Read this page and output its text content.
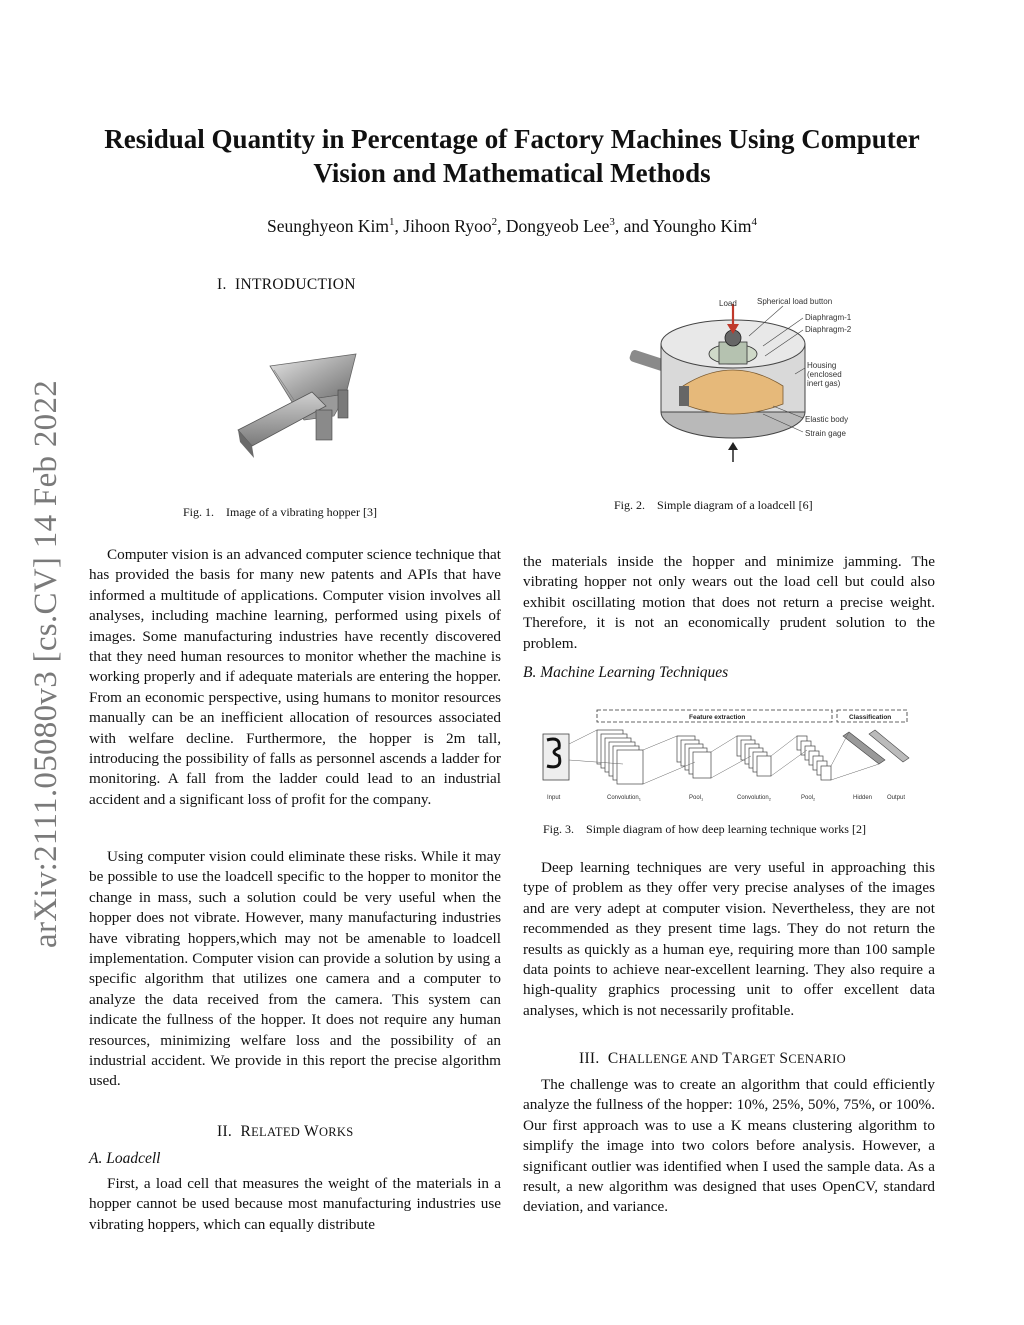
arXiv:2111.05080v3 [cs.CV] 14 Feb 2022
Residual Quantity in Percentage of Factory Machines Using Computer
Vision and Mathematical Methods
Seunghyeon Kim$^1$, Jihoon Ryoo$^2$, Dongyeob Lee$^3$, and Youngho Kim$^4$
I. INTRODUCTION
Fig. 1. Image of a vibrating hopper [3]

Computer vision is an advanced computer science technique that has provided the basis for many new patents and APIs that have informed a multitude of applications. Computer vision involves all analyses, including machine learning, performed using pixels of images. Some manufacturing industries have recently discovered that they need human resources to monitor whether the machine is working properly and if adequate materials are entering the hopper. From an economic perspective, using humans to monitor resources manually can be an inefficient allocation of resources associated with welfare decline. Furthermore, the hopper is 2m tall, introducing the possibility of falls as personnel ascends a ladder for monitoring. A fall from the ladder could lead to an industrial accident and a significant loss of profit for the company.

Using computer vision could eliminate these risks. While it may be possible to use the loadcell specific to the hopper to monitor the change in mass, such a solution could be very useful when the hopper does not vibrate. However, many manufacturing industries have vibrating hoppers,which may not be amenable to loadcell implementation. Computer vision can provide a solution by using a specific algorithm that utilizes one camera and a computer to analyze the data received from the camera. This system can indicate the fullness of the hopper. It does not require any human resources, minimizing welfare loss and the possibility of an industrial accident. We provide in this report the precise algorithm used.

II. RELATED WORKS
A. Loadcell

First, a load cell that measures the weight of the materials in a hopper cannot be used because most manufacturing industries use vibrating hoppers, which can equally distribute

Load	Spherical load button
Diaphragm-1
Diaphragm-2
Housing
(enclosed
inert gas)
Elastic body
Strain gage
Fig. 2. Simple diagram of a loadcell [6]

the materials inside the hopper and minimize jamming. The vibrating hopper not only wears out the load cell but could also exhibit oscillating motion that does not return a precise weight. Therefore, it is not an economically prudent solution to the problem.

B. Machine Learning Techniques
Feature extraction	Classification
Input	Convolution$_1$	Pool$_1$	Convolution$_2$	Pool$_2$	Hidden Output
Fig. 3. Simple diagram of how deep learning technique works [2]

Deep learning techniques are very useful in approaching this type of problem as they offer very precise analyses of the images and are very adept at computer vision. Nevertheless, they are not recommended as they present time lags. They do not return the results as quickly as a human eye, requiring more than 100 sample data points to achieve near-excellent learning. They also require a high-quality graphics processing unit to offer excellent data analyses, which is not necessarily profitable.

III. CHALLENGE AND TARGET SCENARIO

The challenge was to create an algorithm that could efficiently analyze the fullness of the hopper: 10%, 25%, 50%, 75%, or 100%. Our first approach was to use a K means clustering algorithm to simplify the image into two colors before analysis. However, a significant outlier was identified when I used the sample data. As a result, a new algorithm was designed that uses OpenCV, standard deviation, and variance.
